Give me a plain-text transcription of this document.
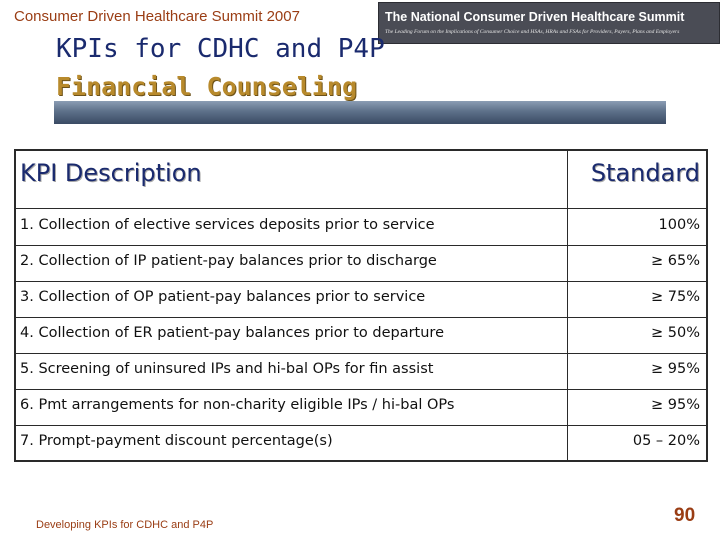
Consumer Driven Healthcare Summit 2007	The National Consumer Driven Healthcare Summit
The Leading Forum on the Implications of Consumer Choice and HSAs, HRAs and FSAs for Providers, Payers, Plans and Employers
KPIs for CDHC and P4P
Financial Counseling
KPI Description	Standard
1. Collection of elective services deposits prior to service	100%
2. Collection of IP patient-pay balances prior to discharge	≥ 65%
3. Collection of OP patient-pay balances prior to service	≥ 75%
4. Collection of ER patient-pay balances prior to departure	≥ 50%
5. Screening of uninsured IPs and hi-bal OPs for fin assist	≥ 95%
6. Pmt arrangements for non-charity eligible IPs / hi-bal OPs	≥ 95%
7. Prompt-payment discount percentage(s)	05 – 20%
Developing KPIs for CDHC and P4P	90
